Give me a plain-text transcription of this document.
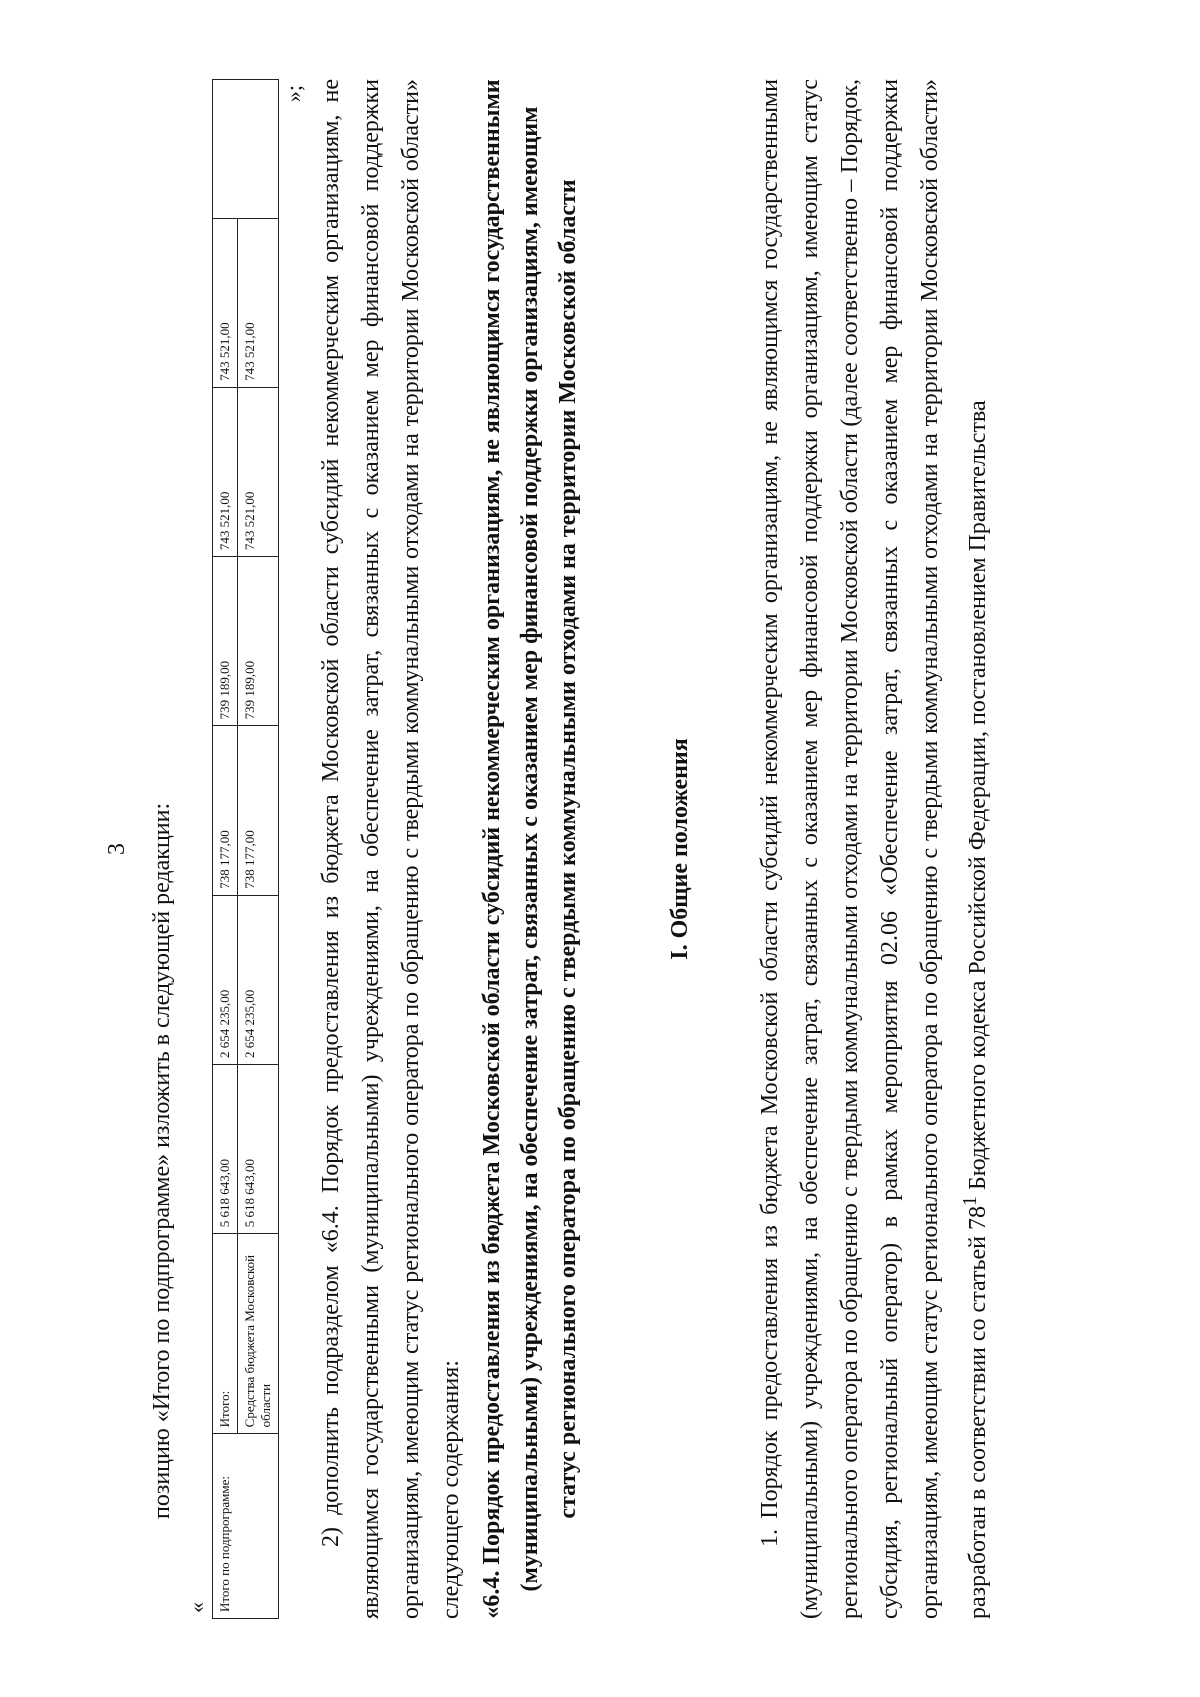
3 позицию «Итого по подпрограмме» изложить в следующей редакции:

« Итого по подпрограмме:	Итого:	5 618 643,00	2 654 235,00	738 177,00	739 189,00	743 521,00	743 521,00	
	Средства бюджета Московской области	5 618 643,00	2 654 235,00	738 177,00	739 189,00	743 521,00	743 521,00	
»; 2) дополнить подразделом «6.4. Порядок предоставления из бюджета Московской области субсидий некоммерческим организациям, не являющимся государственными (муниципальными) учреждениями, на обеспечение затрат, связанных с оказанием мер финансовой поддержки организациям, имеющим статус регионального оператора по обращению с твердыми коммунальными отходами на территории Московской области» следующего содержания: «6.4. Порядок предоставления из бюджета Московской области субсидий некоммерческим организациям, не являющимся государственными (муниципальными) учреждениями, на обеспечение затрат, связанных с оказанием мер финансовой поддержки организациям, имеющим статус регионального оператора по обращению с твердыми коммунальными отходами на территории Московской области	I. Общие положения	1. Порядок предоставления из бюджета Московской области субсидий некоммерческим организациям, не являющимся государственными (муниципальными) учреждениями, на обеспечение затрат, связанных с оказанием мер финансовой поддержки организациям, имеющим статус регионального оператора по обращению с твердыми коммунальными отходами на территории Московской области (далее соответственно – Порядок, субсидия, региональный оператор) в рамках мероприятия 02.06 «Обеспечение затрат, связанных с оказанием мер финансовой поддержки организациям, имеющим статус регионального оператора по обращению с твердыми коммунальными отходами на территории Московской области» разработан в соответствии со статьей $78^1$ Бюджетного кодекса Российской Федерации, постановлением Правительства
